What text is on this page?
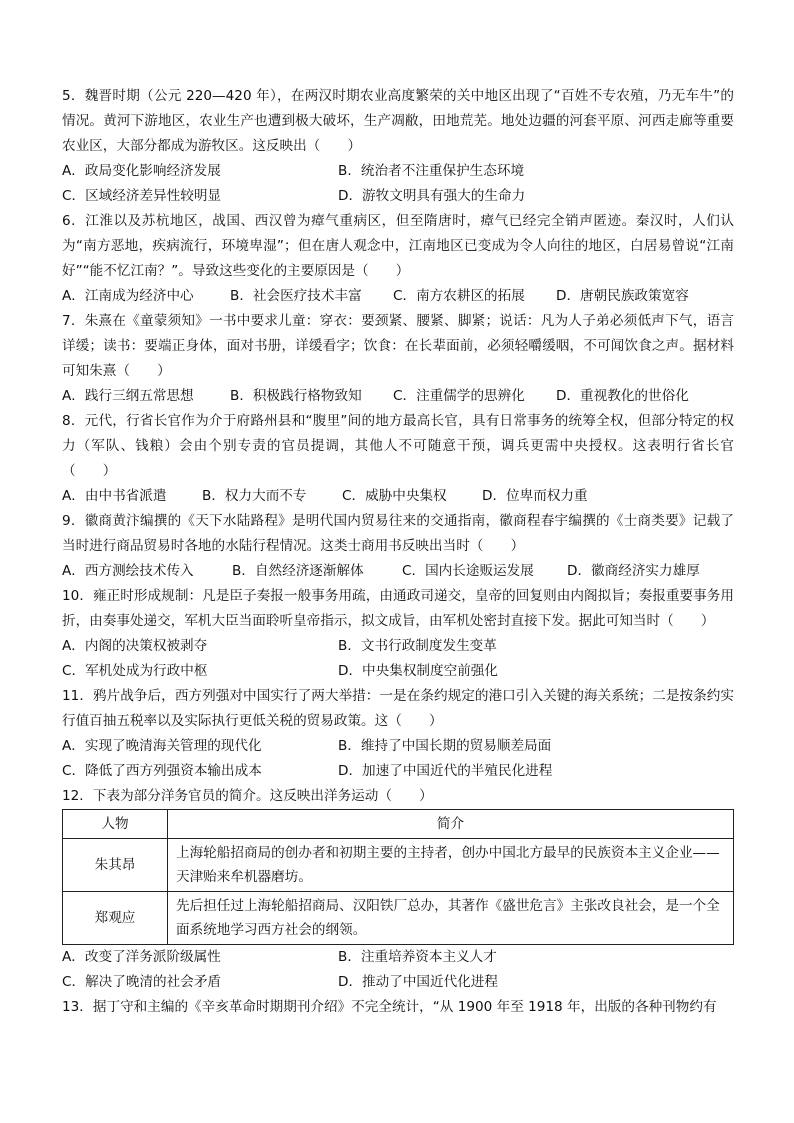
5．魏晋时期（公元 220—420 年），在两汉时期农业高度繁荣的关中地区出现了“百姓不专农殖，乃无车牛”的情况。黄河下游地区，农业生产也遭到极大破坏，生产凋敝，田地荒芜。地处边疆的河套平原、河西走廊等重要农业区，大部分都成为游牧区。这反映出（　　）

A．政局变化影响经济发展	B．统治者不注重保护生态环境
C．区域经济差异性较明显	D．游牧文明具有强大的生命力

6．江淮以及苏杭地区，战国、西汉曾为瘴气重病区，但至隋唐时，瘴气已经完全销声匿迹。秦汉时，人们认为“南方恶地，疾病流行，环境卑湿”；但在唐人观念中，江南地区已变成为令人向往的地区，白居易曾说“江南好”“能不忆江南？”。导致这些变化的主要原因是（　　）

A．江南成为经济中心	B．社会医疗技术丰富	C．南方农耕区的拓展	D．唐朝民族政策宽容

7．朱熹在《童蒙须知》一书中要求儿童：穿衣：要颈紧、腰紧、脚紧；说话：凡为人子弟必须低声下气，语言详缓；读书：要端正身体，面对书册，详缓看字；饮食：在长辈面前，必须轻嚼缓咽，不可闻饮食之声。据材料可知朱熹（　　）

A．践行三纲五常思想	B．积极践行格物致知	C．注重儒学的思辨化	D．重视教化的世俗化

8．元代，行省长官作为介于府路州县和“腹里”间的地方最高长官，具有日常事务的统筹全权，但部分特定的权力（军队、钱粮）会由个别专责的官员提调，其他人不可随意干预，调兵更需中央授权。这表明行省长官（　　）

A．由中书省派遣	B．权力大而不专	C．威胁中央集权	D．位卑而权力重

9．徽商黄汴编撰的《天下水陆路程》是明代国内贸易往来的交通指南，徽商程春宇编撰的《士商类要》记载了当时进行商品贸易时各地的水陆行程情况。这类士商用书反映出当时（　　）

A．西方测绘技术传入	B．自然经济逐渐解体	C．国内长途贩运发展	D．徽商经济实力雄厚

10．雍正时形成规制：凡是臣子奏报一般事务用疏，由通政司递交，皇帝的回复则由内阁拟旨；奏报重要事务用折，由奏事处递交，军机大臣当面聆听皇帝指示，拟文成旨，由军机处密封直接下发。据此可知当时（　　）

A．内阁的决策权被剥夺	B．文书行政制度发生变革
C．军机处成为行政中枢	D．中央集权制度空前强化

11．鸦片战争后，西方列强对中国实行了两大举措：一是在条约规定的港口引入关键的海关系统；二是按条约实行值百抽五税率以及实际执行更低关税的贸易政策。这（　　）

A．实现了晚清海关管理的现代化	B．维持了中国长期的贸易顺差局面
C．降低了西方列强资本输出成本	D．加速了中国近代的半殖民化进程

12．下表为部分洋务官员的简介。这反映出洋务运动（　　）

人物	简介
朱其昂	上海轮船招商局的创办者和初期主要的主持者，创办中国北方最早的民族资本主义企业——天津贻来牟机器磨坊。
郑观应	先后担任过上海轮船招商局、汉阳铁厂总办，其著作《盛世危言》主张改良社会，是一个全面系统地学习西方社会的纲领。
A．改变了洋务派阶级属性	B．注重培养资本主义人才
C．解决了晚清的社会矛盾	D．推动了中国近代化进程

13．据丁守和主编的《辛亥革命时期期刊介绍》不完全统计，“从 1900 年至 1918 年，出版的各种刊物约有
